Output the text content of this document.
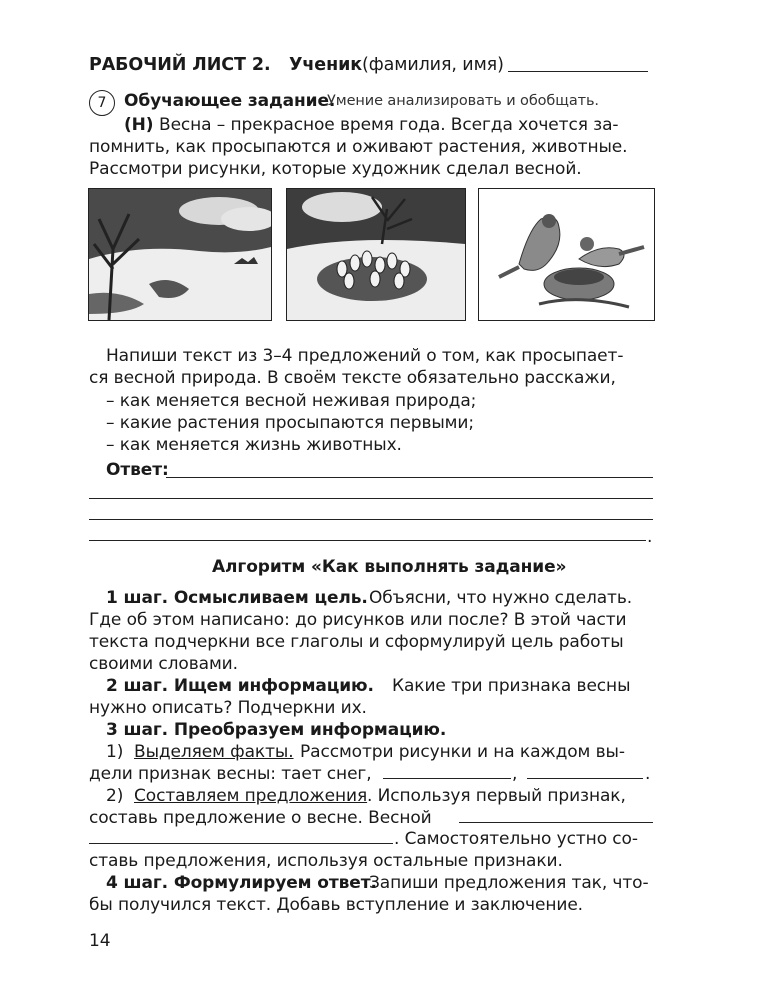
РАБОЧИЙ ЛИСТ 2. Ученик (фамилия, имя)
7 Обучающее задание.
Умение анализировать и обобщать.
(Н) Весна – прекрасное время года. Всегда хочется за-
помнить, как просыпаются и оживают растения, животные.
Рассмотри рисунки, которые художник сделал весной.
Напиши текст из 3–4 предложений о том, как просыпает-
ся весной природа. В своём тексте обязательно расскажи,
– как меняется весной неживая природа;
– какие растения просыпаются первыми;
– как меняется жизнь животных.
Ответ:
.
Алгоритм «Как выполнять задание»
1 шаг. Осмысливаем цель. Объясни, что нужно сделать.
Где об этом написано: до рисунков или после? В этой части
текста подчеркни все глаголы и сформулируй цель работы
своими словами.
2 шаг. Ищем информацию. Какие три признака весны
нужно описать? Подчеркни их.
3 шаг. Преобразуем информацию.
1) Выделяем факты. Рассмотри рисунки и на каждом вы-
дели признак весны: тает снег,	,	.
2) Составляем предложения . Используя первый признак,
составь предложение о весне. Весной
. Самостоятельно устно со-
ставь предложения, используя остальные признаки.
4 шаг. Формулируем ответ.
Запиши предложения так, что-
бы получился текст. Добавь вступление и заключение.
14
